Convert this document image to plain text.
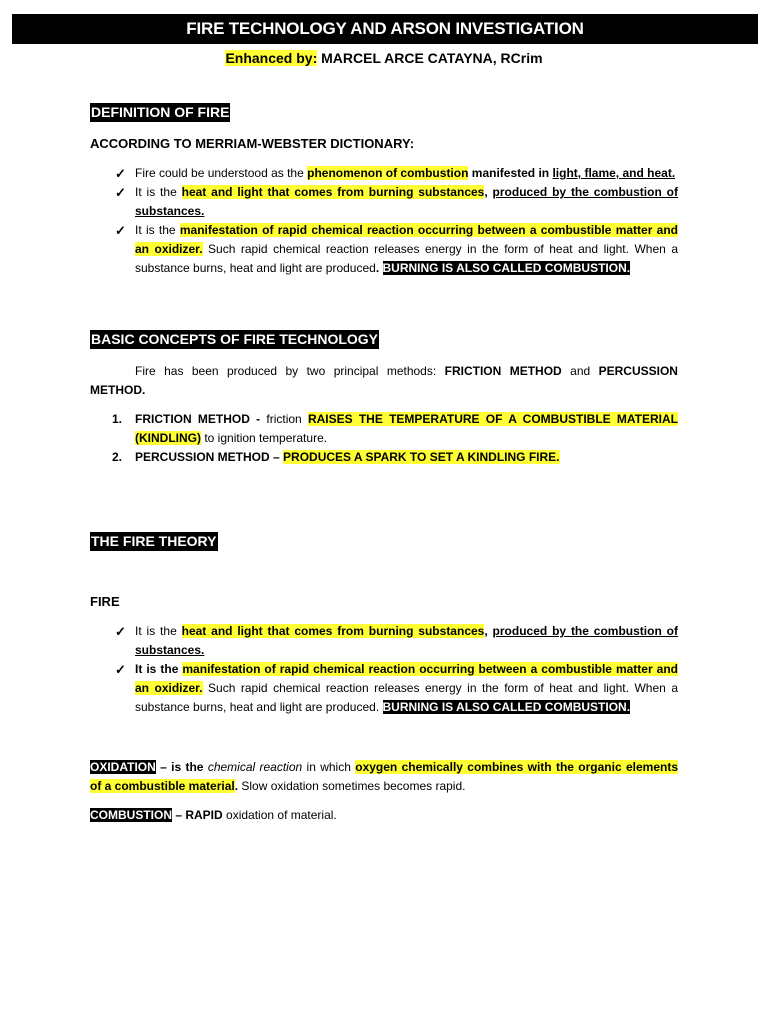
FIRE TECHNOLOGY AND ARSON INVESTIGATION
Enhanced by: MARCEL ARCE CATAYNA, RCrim
DEFINITION OF FIRE
ACCORDING TO MERRIAM-WEBSTER DICTIONARY:
✓ Fire could be understood as the phenomenon of combustion manifested in light, flame, and heat.
✓ It is the heat and light that comes from burning substances, produced by the combustion of substances.
✓ It is the manifestation of rapid chemical reaction occurring between a combustible matter and an oxidizer. Such rapid chemical reaction releases energy in the form of heat and light. When a substance burns, heat and light are produced. BURNING IS ALSO CALLED COMBUSTION.
BASIC CONCEPTS OF FIRE TECHNOLOGY
Fire has been produced by two principal methods: FRICTION METHOD and PERCUSSION METHOD.
1. FRICTION METHOD - friction RAISES THE TEMPERATURE OF A COMBUSTIBLE MATERIAL (KINDLING) to ignition temperature.
2. PERCUSSION METHOD – PRODUCES A SPARK TO SET A KINDLING FIRE.
THE FIRE THEORY
FIRE
✓ It is the heat and light that comes from burning substances, produced by the combustion of substances.
✓ It is the manifestation of rapid chemical reaction occurring between a combustible matter and an oxidizer. Such rapid chemical reaction releases energy in the form of heat and light. When a substance burns, heat and light are produced. BURNING IS ALSO CALLED COMBUSTION.
OXIDATION – is the chemical reaction in which oxygen chemically combines with the organic elements of a combustible material. Slow oxidation sometimes becomes rapid.
COMBUSTION – RAPID oxidation of material.
